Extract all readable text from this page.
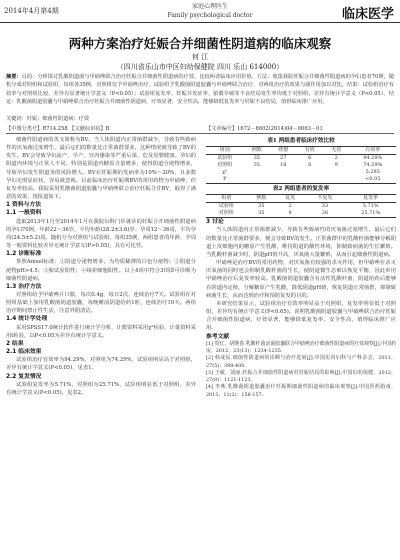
2014年4月第4期
家庭心理医生
Family psychological doctor	临床医学
两种方案治疗妊娠合并细菌性阴道病的临床观察
何 江
（四川省乐山市中区妇幼保健院 四川 乐山 614000）
摘要：目的：分析探讨乳酸阴道菌与甲硝唑联合治疗妊娠合并细菌性阴道病的疗效，比较两者临床应用价值。方法：收集我院妊娠合并细菌性阴道病的孕妇患者70例，随机分成对照组和试验组，每组各35例，对照组仅予甲硝唑治疗，试验组予乳酸菌阴道胶囊与甲硝唑联合治疗，对两组治疗的效果与副作用加以对比。结果：试验组治疗有效率与对照组比较，差异有显著统计学意义（P<0.05）；试验组复发率、妊娠并发症率、胎膜早破等不良结局发生率均低于对照组，差异有统计学意义（P<0.05）。结论：乳酸菌阴道胶囊与甲硝唑联合治疗妊娠合并细菌性阴道病，疗效显著，安全性高，能够降低复发率与妊娠不良结局，值得临床推广应用。
关键词：妊娠；细菌性阴道病；疗效
【中图分类号】R714.258 【文献标识码】B	【文章编号】1672－8602(2014)04－0063－01

细菌性阴道病的英文简称为BV，当人体阴道内正常菌群减少，导致有些致病性的厌氧菌过度增生，最后它们的数量比正常菌群要多，这种情况就导致了BV的发生。BV会导致孕妇流产、早产、宫内感染等严重后果，危及母婴健康。孕妇的阴道内环境与正常人不同，特别是阴道内糖原含量增多，使得阴道分泌物增多，导致孕妇发生阴道炎的风险增大。BV在妊娠期的发病率为10%～20%，且多数孕妇无明显症状，容易被忽视。目前临床治疗妊娠期BV的常用药物为甲硝唑，但复发率较高。我院采用乳酸菌阴道胶囊与甲硝唑联合治疗妊娠合并BV，取得了满意的效果，现报道如下。

1 资料与方法
1.1 一般资料

选取2013年1月至2014年1月在我院妇科门诊就诊的妊娠合并细菌性阴道病的孕妇70例，年龄22～36岁，平均年龄(28.2±3.6)岁；孕周12～36周，平均孕周(24.5±5.2)周。随机分为对照组与试验组，每组35例，两组患者的年龄、孕周等一般资料比较差异无统计学意义(P>0.05)，具有可比性。

1.2 诊断标准

参照Amsel标准：①阴道分泌物增多，为均质稀薄的白色分泌物；②阴道分泌物pH>4.5；③胺试验阳性；④线索细胞阳性。以上4项中符合3项即可诊断为细菌性阴道病。

1.3 治疗方法

对照组给予甲硝唑片口服，每次0.4g，每日2次，连续治疗7天。试验组在对照组基础上加用乳酸菌阴道胶囊，每晚睡前阴道给药1粒，连续治疗10天。两组治疗期间禁止性生活，注意外阴清洁。

1.4 统计学处理

采用SPSS17.0统计软件进行统计学分析，计数资料采用χ²检验，计量资料采用t检验，以P<0.05为差异有统计学意义。

2 结果
2.1 临床效果

试验组治疗有效率为94.29%，对照组为74.29%，试验组明显高于对照组，差异有统计学意义(P<0.05)，见表1。

2.2 复发情况

试验组复发率为5.71%，对照组为25.71%，试验组明显低于对照组，差异有统计学意义(P<0.05)，见表2。

表1 两组患者临床疗效比较
组别	例数	痊愈	有效	无效	有效率
试验组	35	27	6	2	94.29%
对照组	35	18	8	9	74.29%
χ²					5.285
P					<0.05
表2 两组患者的复发率
组别	例数	复发	不复发	复发率
试验组	35	2	33	5.71%
对照组	35	9	26	25.71%
3 讨论

当人体阴道内正常菌群减少，导致有些致病性的厌氧菌过度增生，最后它们的数量比正常菌群要多，便会导致BV的发生。正常菌群中的乳酸杆菌能够分解阴道上皮细胞内的糖原产生乳酸，维持阴道的酸性环境，抑制致病菌的生长繁殖。当乳酸杆菌减少时，阴道pH值升高，厌氧菌大量繁殖，从而引起细菌性阴道病。

甲硝唑是治疗BV的常用药物，对厌氧菌有较强的杀灭作用，但甲硝唑在杀灭厌氧菌的同时也会抑制乳酸杆菌的生长，使阴道微生态难以恢复平衡，因此单用甲硝唑治疗后复发率较高。乳酸菌阴道胶囊含有活性乳酸杆菌，阴道给药后能够在阴道内定植，分解糖原产生乳酸，降低阴道pH值，恢复阴道正常菌群，抑制致病菌生长，从而达到治疗和预防复发的目的。

本研究结果显示，试验组治疗有效率明显高于对照组，复发率明显低于对照组，差异均有统计学意义(P<0.05)。说明乳酸菌阴道胶囊与甲硝唑联合治疗妊娠合并细菌性阴道病，疗效显著，能够降低复发率，安全性高，值得临床推广应用。

参考文献

[1] 贺红，胡继春.乳酸杆菌活菌胶囊联合甲硝唑治疗细菌性阴道病的疗效观察[J].中国药房，2012，23(13)：1234-1235.

[2] 韩成民.细菌性阴道病的诊断与治疗进展[J].中国实用妇科与产科杂志，2011，27(5)：398-400.

[3] 王敏，刘丽.妊娠合并细菌性阴道病对妊娠结局的影响[J].中国妇幼保健，2012，27(8)：1121-1123.

[4] 李燕.乳酸菌阴道胶囊治疗妊娠期细菌性阴道病的临床观察[J].中国医药指南，2013，11(2)：156-157.
